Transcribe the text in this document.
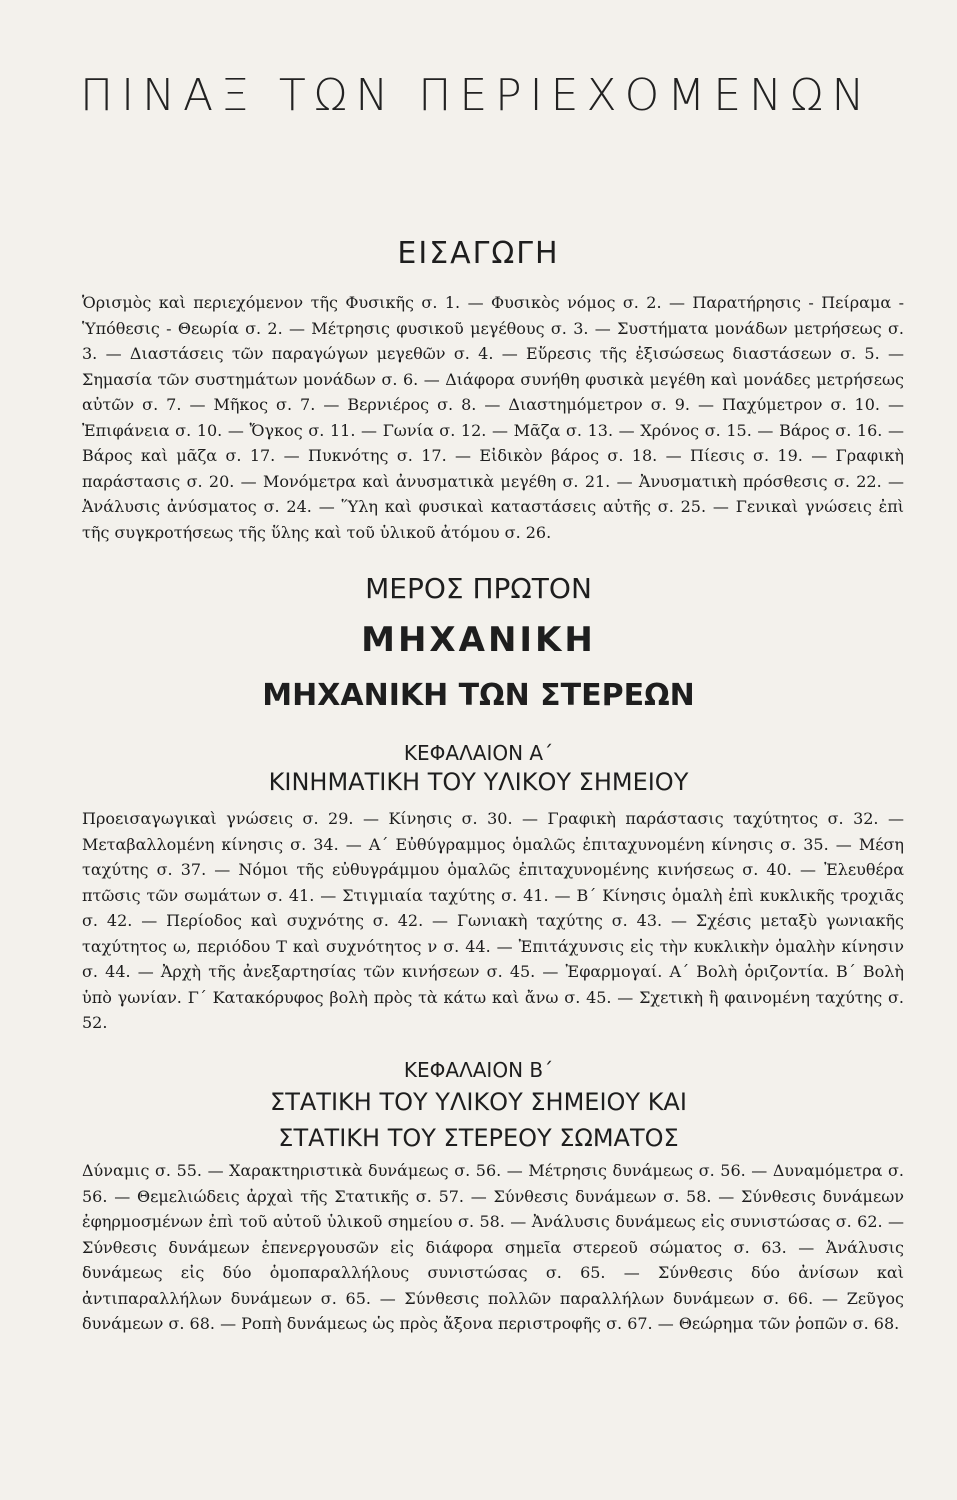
ΠΙΝΑΞ ΤΩΝ ΠΕΡΙΕΧΟΜΕΝΩΝ
ΕΙΣΑΓΩΓΗ

Ὁρισμὸς καὶ περιεχόμενον τῆς Φυσικῆς σ. 1. — Φυσικὸς νόμος σ. 2. — Παρατήρησις - Πείραμα - Ὑπόθεσις - Θεωρία σ. 2. — Μέτρησις φυσικοῦ μεγέθους σ. 3. — Συστήματα μονάδων μετρήσεως σ. 3. — Διαστάσεις τῶν παραγώγων μεγεθῶν σ. 4. — Εὕρεσις τῆς ἐξισώσεως διαστάσεων σ. 5. — Σημασία τῶν συστημάτων μονάδων σ. 6. — Διάφορα συνήθη φυσικὰ μεγέθη καὶ μονάδες μετρήσεως αὐτῶν σ. 7. — Μῆκος σ. 7. — Βερνιέρος σ. 8. — Διαστημόμετρον σ. 9. — Παχύμετρον σ. 10. — Ἐπιφάνεια σ. 10. — Ὄγκος σ. 11. — Γωνία σ. 12. — Μᾶζα σ. 13. — Χρόνος σ. 15. — Βάρος σ. 16. — Βάρος καὶ μᾶζα σ. 17. — Πυκνότης σ. 17. — Εἰδικὸν βάρος σ. 18. — Πίεσις σ. 19. — Γραφικὴ παράστασις σ. 20. — Μονόμετρα καὶ ἀνυσματικὰ μεγέθη σ. 21. — Ἀνυσματικὴ πρόσθεσις σ. 22. — Ἀνάλυσις ἀνύσματος σ. 24. — Ὕλη καὶ φυσικαὶ καταστάσεις αὐτῆς σ. 25. — Γενικαὶ γνώσεις ἐπὶ τῆς συγκροτήσεως τῆς ὕλης καὶ τοῦ ὑλικοῦ ἀτόμου σ. 26.

ΜΕΡΟΣ ΠΡΩΤΟΝ
ΜΗΧΑΝΙΚΗ
ΜΗΧΑΝΙΚΗ ΤΩΝ ΣΤΕΡΕΩΝ
ΚΕΦΑΛΑΙΟΝ Α΄
ΚΙΝΗΜΑΤΙΚΗ ΤΟΥ ΥΛΙΚΟΥ ΣΗΜΕΙΟΥ

Προεισαγωγικαὶ γνώσεις σ. 29. — Κίνησις σ. 30. — Γραφικὴ παράστασις ταχύτητος σ. 32. — Μεταβαλλομένη κίνησις σ. 34. — Α΄ Εὐθύγραμμος ὁμαλῶς ἐπιταχυνομένη κίνησις σ. 35. — Μέση ταχύτης σ. 37. — Νόμοι τῆς εὐθυγράμμου ὁμαλῶς ἐπιταχυνομένης κινήσεως σ. 40. — Ἐλευθέρα πτῶσις τῶν σωμάτων σ. 41. — Στιγμιαία ταχύτης σ. 41. — Β΄ Κίνησις ὁμαλὴ ἐπὶ κυκλικῆς τροχιᾶς σ. 42. — Περίοδος καὶ συχνότης σ. 42. — Γωνιακὴ ταχύτης σ. 43. — Σχέσις μεταξὺ γωνιακῆς ταχύτητος ω, περιόδου Τ καὶ συχνότητος ν σ. 44. — Ἐπιτάχυνσις εἰς τὴν κυκλικὴν ὁμαλὴν κίνησιν σ. 44. — Ἀρχὴ τῆς ἀνεξαρτησίας τῶν κινήσεων σ. 45. — Ἐφαρμογαί. Α΄ Βολὴ ὁριζοντία. Β΄ Βολὴ ὑπὸ γωνίαν. Γ΄ Κατακόρυφος βολὴ πρὸς τὰ κάτω καὶ ἄνω σ. 45. — Σχετικὴ ἢ φαινομένη ταχύτης σ. 52.

ΚΕΦΑΛΑΙΟΝ Β΄
ΣΤΑΤΙΚΗ ΤΟΥ ΥΛΙΚΟΥ ΣΗΜΕΙΟΥ ΚΑΙ
ΣΤΑΤΙΚΗ ΤΟΥ ΣΤΕΡΕΟΥ ΣΩΜΑΤΟΣ

Δύναμις σ. 55. — Χαρακτηριστικὰ δυνάμεως σ. 56. — Μέτρησις δυνάμεως σ. 56. — Δυναμόμετρα σ. 56. — Θεμελιώδεις ἀρχαὶ τῆς Στατικῆς σ. 57. — Σύνθεσις δυνάμεων σ. 58. — Σύνθεσις δυνάμεων ἐφηρμοσμένων ἐπὶ τοῦ αὐτοῦ ὑλικοῦ σημείου σ. 58. — Ἀνάλυσις δυνάμεως εἰς συνιστώσας σ. 62. — Σύνθεσις δυνάμεων ἐπενεργουσῶν εἰς διάφορα σημεῖα στερεοῦ σώματος σ. 63. — Ἀνάλυσις δυνάμεως εἰς δύο ὁμοπαραλλήλους συνιστώσας σ. 65. — Σύνθεσις δύο ἀνίσων καὶ ἀντιπαραλλήλων δυνάμεων σ. 65. — Σύνθεσις πολλῶν παραλλήλων δυνάμεων σ. 66. — Ζεῦγος δυνάμεων σ. 68. — Ροπὴ δυνάμεως ὡς πρὸς ἄξονα περιστροφῆς σ. 67. — Θεώρημα τῶν ῥοπῶν σ. 68.
